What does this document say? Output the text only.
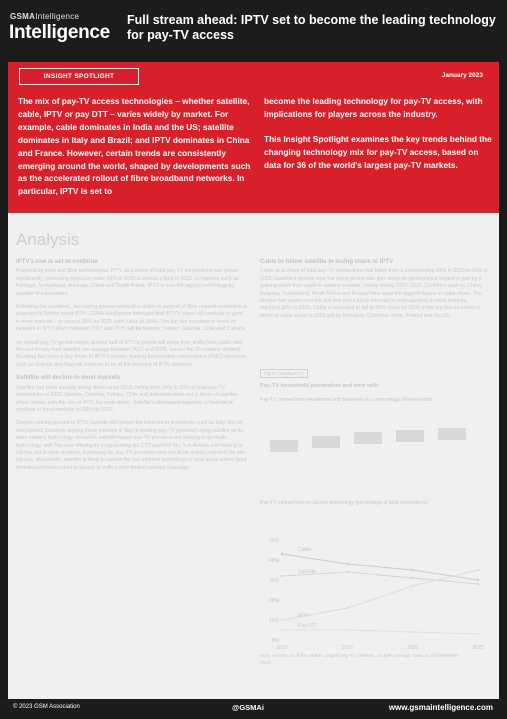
GSMAIntelligence
Intelligence
Full stream ahead: IPTV set to become the leading technology for pay-TV access
INSIGHT SPOTLIGHT	January 2023
The mix of pay-TV access technologies – whether satellite, cable, IPTV or pay DTT – varies widely by market. For example, cable dominates in India and the US; satellite dominates in Italy and Brazil; and IPTV dominates in China and France. However, certain trends are consistently emerging around the world, shaped by developments such as the accelerated rollout of fibre broadband networks. In particular, IPTV is set to

become the leading technology for pay-TV access, with implications for players across the industry.

This Insight Spotlight examines the key trends behind the changing technology mix for pay-TV access, based on data for 36 of the world's largest pay-TV markets.

Analysis
IPTV's rise is set to continue

Powered by telco and fibre technologies, IPTV as a share of total pay-TV connections has grown significantly, increasing from just under 10% in 2010 to almost a third in 2022. In markets such as Portugal, Switzerland, Australia, China and South Korea, IPTV is now the largest technology by number of subscribers.

Following the pandemic, increasing government policy action in support of fibre network expansion is expected to further boost IPTV. GSMA Intelligence forecasts that IPTV's share will continue to grow in most markets – to around 35% by 2025 (with cable at 30%). The top five countries in terms of increase in IPTV share between 2022 and 2025 will be Norway, Ireland, Czechia, Chile and Canada.

As overall pay-TV growth slows, around half of IPTV's growth will come from shifts from cable, with the rest mostly from satellite (on average between 2022 and 2025, across the 36 markets studied). Bundling has been a key driver of IPTV's growth; leading fixed-mobile convergence (FMC) operators such as Orange and Iliad will continue to be at the forefront of IPTV adoption.

Satellite will decline in most markets

Satellite has been steadily losing share since 2016, falling from 34% to 30% of total pay-TV connections in 2022. Greece, Czechia, Turkiye, Chile and Indonesia have led in terms of satellite share losses, with the rise of IPTV the main factor. Satellite's downward trajectory is forecast to continue in most markets, to 28% by 2025.

Despite coming ground to IPTV, satellite will remain the frontrunner in markets such as Italy, the UK and Ireland. Common among these markets is Sky (a leading pay-TV provider) using satellite as its main delivery technology. However, satellite-based pay-TV providers are looking to go multi-technology, with Sky now offering its programming via OTT platform Sky X in Austria and looking to roll this out to other markets. A pathway for pay-TV providers here would be losing control of the set-top box. Meanwhile, satellite is likely to remain the pre-eminent technology in rural areas where fixed broadband infrastructure is absent or suffers from limited network coverage.

Cable to follow satellite in losing share to IPTV

Cable as a share of total pay-TV connections has fallen from a commanding 43% in 2010 to 34% in 2022. Satellite's decline over the same period was less steep on performance helped in part by it gaining share from cable in several markets, mainly during 2010–2016. Countries such as China, Bulgaria, Switzerland, South Korea and Russia have seen the biggest losses in cable share. The decline has eased over the last few years but is forecast to keep applying in most markets, reaching 30% in 2025. Cable is expected to fall to 30% share by 2025 in the top five countries in terms of cable share in 2025 will be Romania, Colombia, India, Finland and the US.

Figure (Intelligence)
Pay-TV household penetration and tech split
Pay-TV connections (residential and business) as a percentage of households
Pay-TV connections by access technology (percentage of total connections)
0%
10%
20%
30%
40%
50%
2010	2015	2020	2025
Cable
Satellite
IPTV
Pay DTT
Note: Across 36 of the world's largest pay-TV markets. Simple average. Data as of December 2022
© 2023 GSM Association	@GSMAi	www.gsmaintelligence.com
